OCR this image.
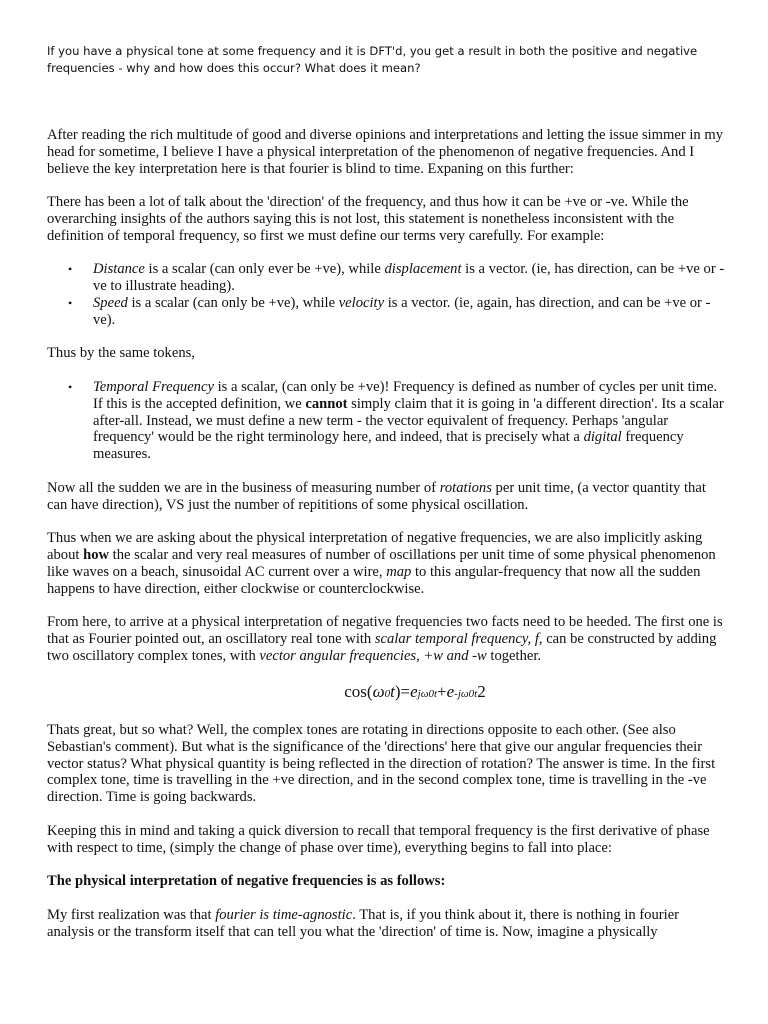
If you have a physical tone at some frequency and it is DFT'd, you get a result in both the positive and negative frequencies - why and how does this occur? What does it mean?

After reading the rich multitude of good and diverse opinions and interpretations and letting the issue simmer in my head for sometime, I believe I have a physical interpretation of the phenomenon of negative frequencies. And I believe the key interpretation here is that fourier is blind to time. Expaning on this further:

There has been a lot of talk about the 'direction' of the frequency, and thus how it can be +ve or -ve. While the overarching insights of the authors saying this is not lost, this statement is nonetheless inconsistent with the definition of temporal frequency, so first we must define our terms very carefully. For example:

• Distance is a scalar (can only ever be +ve), while displacement is a vector. (ie, has direction, can be +ve or -ve to illustrate heading).
• Speed is a scalar (can only be +ve), while velocity is a vector. (ie, again, has direction, and can be +ve or -ve).

Thus by the same tokens,

• Temporal Frequency is a scalar, (can only be +ve)! Frequency is defined as number of cycles per unit time. If this is the accepted definition, we cannot simply claim that it is going in 'a different direction'. Its a scalar after-all. Instead, we must define a new term - the vector equivalent of frequency. Perhaps 'angular frequency' would be the right terminology here, and indeed, that is precisely what a digital frequency measures.

Now all the sudden we are in the business of measuring number of rotations per unit time, (a vector quantity that can have direction), VS just the number of repititions of some physical oscillation.

Thus when we are asking about the physical interpretation of negative frequencies, we are also implicitly asking about how the scalar and very real measures of number of oscillations per unit time of some physical phenomenon like waves on a beach, sinusoidal AC current over a wire, map to this angular-frequency that now all the sudden happens to have direction, either clockwise or counterclockwise.

From here, to arrive at a physical interpretation of negative frequencies two facts need to be heeded. The first one is that as Fourier pointed out, an oscillatory real tone with scalar temporal frequency, f, can be constructed by adding two oscillatory complex tones, with vector angular frequencies, +w and -w together.

cos(ω0t)=ejω0t+e-jω0t2

Thats great, but so what? Well, the complex tones are rotating in directions opposite to each other. (See also Sebastian's comment). But what is the significance of the 'directions' here that give our angular frequencies their vector status? What physical quantity is being reflected in the direction of rotation? The answer is time. In the first complex tone, time is travelling in the +ve direction, and in the second complex tone, time is travelling in the -ve direction. Time is going backwards.

Keeping this in mind and taking a quick diversion to recall that temporal frequency is the first derivative of phase with respect to time, (simply the change of phase over time), everything begins to fall into place:

The physical interpretation of negative frequencies is as follows:

My first realization was that fourier is time-agnostic. That is, if you think about it, there is nothing in fourier analysis or the transform itself that can tell you what the 'direction' of time is. Now, imagine a physically
